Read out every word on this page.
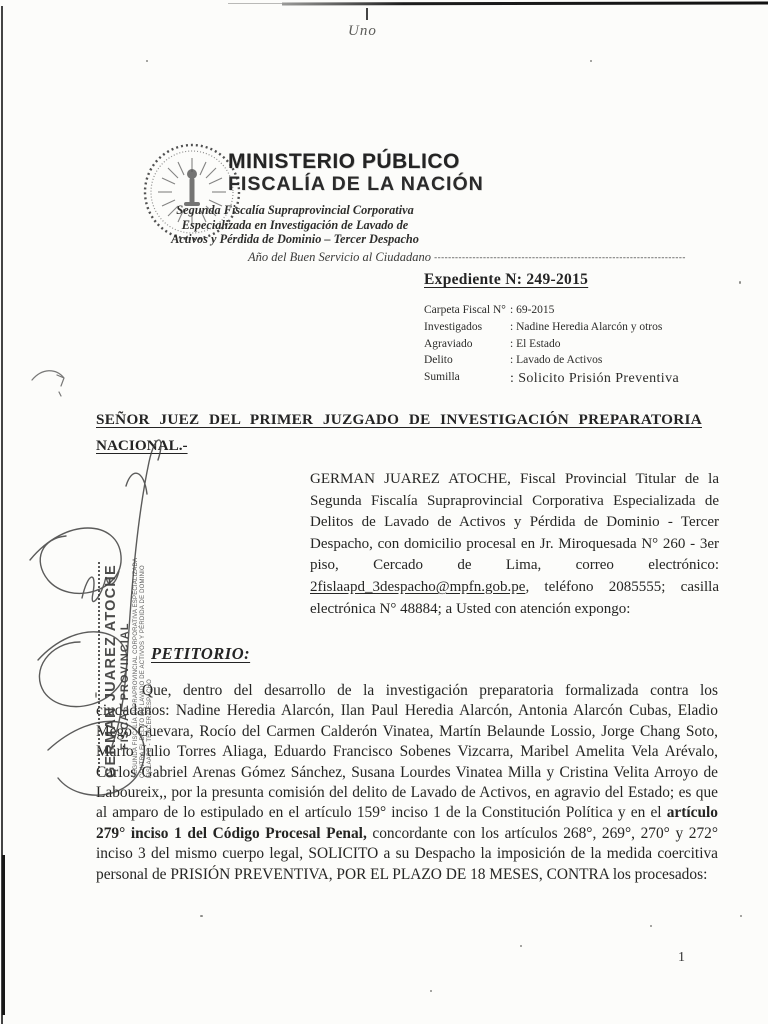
Uno
MINISTERIO PÚBLICO
FISCALÍA DE LA NACIÓN
Segunda Fiscalía Supraprovincial Corporativa
Especializada en Investigación de Lavado de
Activos y Pérdida de Dominio – Tercer Despacho
Año del Buen Servicio al Ciudadano ------------------------------------------------------------------------
Expediente N: 249-2015
Carpeta Fiscal N° : 69-2015
Investigados	: Nadine Heredia Alarcón y otros
Agraviado	: El Estado
Delito	: Lavado de Activos
Sumilla	: Solicito Prisión Preventiva
SEÑOR JUEZ DEL PRIMER JUZGADO DE INVESTIGACIÓN PREPARATORIA
NACIONAL.-
GERMAN JUAREZ ATOCHE, Fiscal Provincial Titular de la Segunda Fiscalía Supraprovincial Corporativa Especializada de Delitos de Lavado de Activos y Pérdida de Dominio - Tercer Despacho, con domicilio procesal en Jr. Miroquesada N° 260 - 3er piso, Cercado de Lima, correo electrónico: 2fislaapd_3despacho@mpfn.gob.pe, teléfono 2085555; casilla electrónica N° 48884; a Usted con atención expongo:
PETITORIO:
Que, dentro del desarrollo de la investigación preparatoria formalizada contra los ciudadanos: Nadine Heredia Alarcón, Ilan Paul Heredia Alarcón, Antonia Alarcón Cubas, Eladio Mego Guevara, Rocío del Carmen Calderón Vinatea, Martín Belaunde Lossio, Jorge Chang Soto, Mario Julio Torres Aliaga, Eduardo Francisco Sobenes Vizcarra, Maribel Amelita Vela Arévalo, Carlos Gabriel Arenas Gómez Sánchez, Susana Lourdes Vinatea Milla y Cristina Velita Arroyo de Laboureix,, por la presunta comisión del delito de Lavado de Activos, en agravio del Estado; es que al amparo de lo estipulado en el artículo 159° inciso 1 de la Constitución Política y en el artículo 279° inciso 1 del Código Procesal Penal, concordante con los artículos 268°, 269°, 270° y 272° inciso 3 del mismo cuerpo legal, SOLICITO a su Despacho la imposición de la medida coercitiva personal de PRISIÓN PREVENTIVA, POR EL PLAZO DE 18 MESES, CONTRA los procesados:
GERMAN JUAREZ ATOCHE FISCAL PROVINCIAL SEGUNDA FISCALÍA SUPRAPROVINCIAL CORPORATIVA ESPECIALIZADA CONTRA EL DELITO DE LAVADO DE ACTIVOS Y PÉRDIDA DE DOMINIO FISLAAPD - TERCER DESPACHO
1
